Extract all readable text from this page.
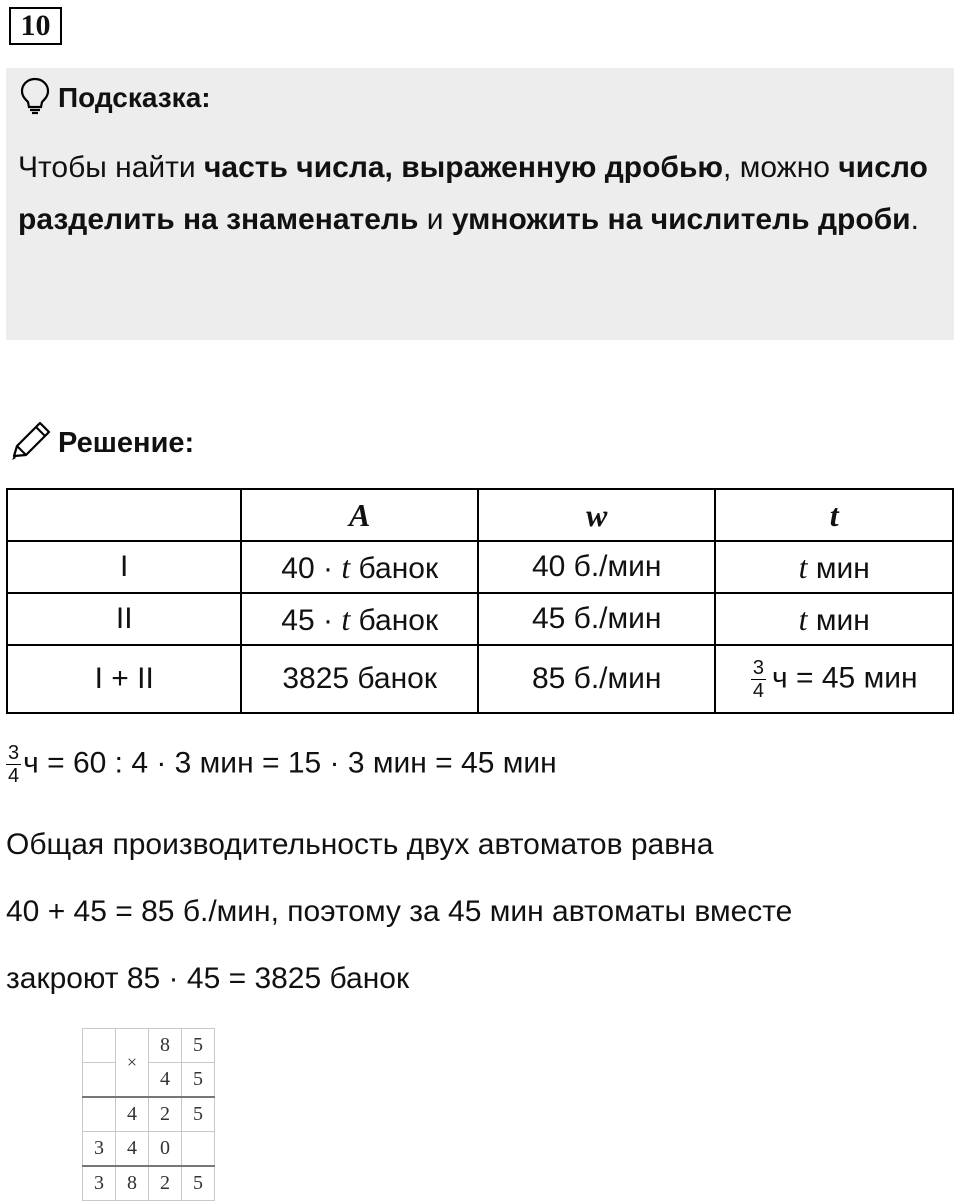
10
Подсказка:
Чтобы найти часть числа, выраженную дробью, можно число разделить на знаменатель и умножить на числитель дроби.
Решение:
	A	w	t
I	40 · t банок	40 б./мин	t мин
II	45 · t банок	45 б./мин	t мин
I + II	3825 банок	85 б./мин	$\frac{3}{4}$ ч = 45 мин
$\frac{3}{4}$ ч = 60 : 4 · 3 мин = 15 · 3 мин = 45 мин
Общая производительность двух автоматов равна
40 + 45 = 85 б./мин, поэтому за 45 мин автоматы вместе
закроют 85 · 45 = 3825 банок
	×	8	5
		4	5
	4	2	5
3	4	0	
3	8	2	5
